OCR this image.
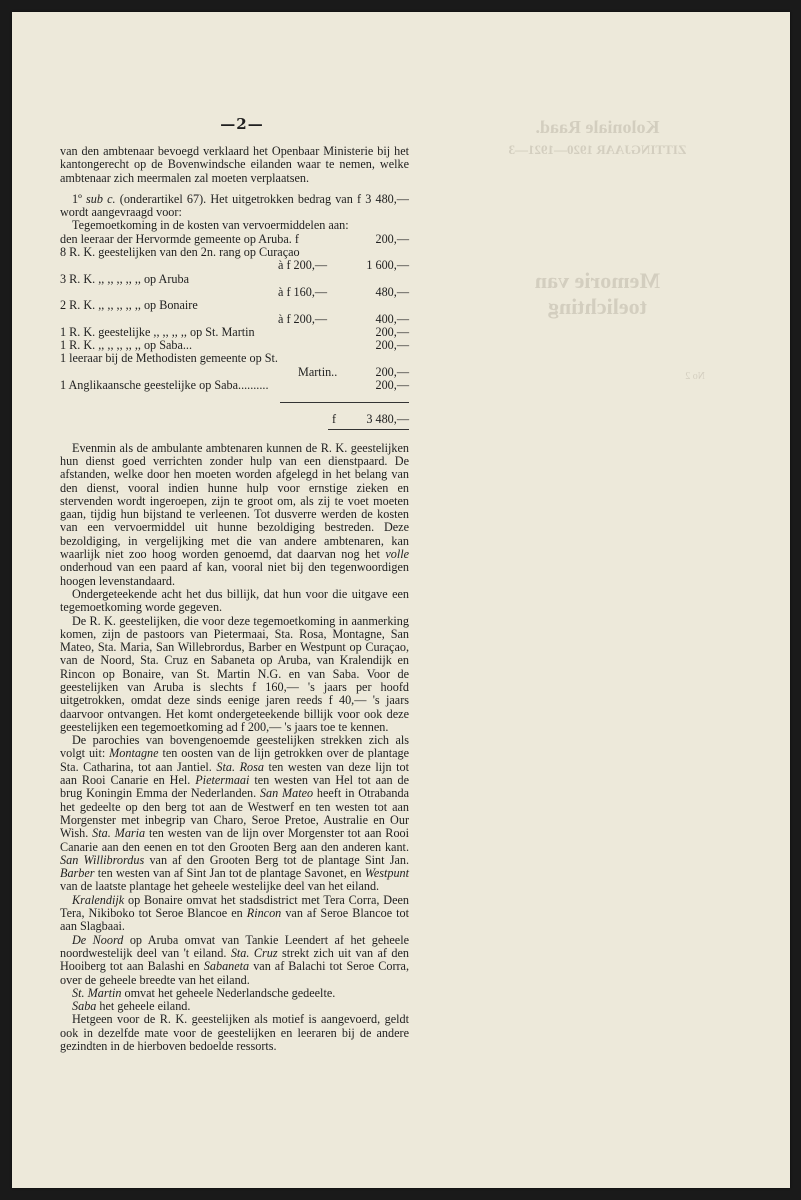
Koloniale Raad.
ZITTINGJAAR 1920—1921—3
Memorie van toelichting
No 2
—2—

van den ambtenaar bevoegd verklaard het Openbaar Ministerie bij het kantongerecht op de Bovenwindsche eilanden waar te nemen, welke ambtenaar zich meermalen zal moeten verplaatsen.

1º sub c. (onderartikel 67). Het uitgetrokken bedrag van f 3 480,— wordt aangevraagd voor:

Tegemoetkoming in de kosten van vervoermiddelen aan:

den leeraar der Hervormde gemeente op Aruba. f	200,—
8 R. K. geestelijken van den 2n. rang op Curaçao
à f 200,—	1 600,—
3 R. K. ,, ,, ,, ,, ,, op Aruba
à f 160,—	480,—
2 R. K. ,, ,, ,, ,, ,, op Bonaire
à f 200,—	400,—
1 R. K. geestelijke ,, ,, ,, ,, op St. Martin	200,—
1 R. K. ,, ,, ,, ,, ,, op Saba...	200,—
1 leeraar bij de Methodisten gemeente op St.
Martin..	200,—
1 Anglikaansche geestelijke op Saba..........	200,—
f	3 480,—

Evenmin als de ambulante ambtenaren kunnen de R. K. geestelijken hun dienst goed verrichten zonder hulp van een dienstpaard. De afstanden, welke door hen moeten worden afgelegd in het belang van den dienst, vooral indien hunne hulp voor ernstige zieken en stervenden wordt ingeroepen, zijn te groot om, als zij te voet moeten gaan, tijdig hun bijstand te verleenen. Tot dusverre werden de kosten van een vervoermiddel uit hunne bezoldiging bestreden. Deze bezoldiging, in vergelijking met die van andere ambtenaren, kan waarlijk niet zoo hoog worden genoemd, dat daarvan nog het volle onderhoud van een paard af kan, vooral niet bij den tegenwoordigen hoogen levenstandaard.

Ondergeteekende acht het dus billijk, dat hun voor die uitgave een tegemoetkoming worde gegeven.

De R. K. geestelijken, die voor deze tegemoetkoming in aanmerking komen, zijn de pastoors van Pietermaai, Sta. Rosa, Montagne, San Mateo, Sta. Maria, San Willebrordus, Barber en Westpunt op Curaçao, van de Noord, Sta. Cruz en Sabaneta op Aruba, van Kralendijk en Rincon op Bonaire, van St. Martin N.G. en van Saba. Voor de geestelijken van Aruba is slechts f 160,— 's jaars per hoofd uitgetrokken, omdat deze sinds eenige jaren reeds f 40,— 's jaars daarvoor ontvangen. Het komt ondergeteekende billijk voor ook deze geestelijken een tegemoetkoming ad f 200,— 's jaars toe te kennen.

De parochies van bovengenoemde geestelijken strekken zich als volgt uit: Montagne ten oosten van de lijn getrokken over de plantage Sta. Catharina, tot aan Jantiel. Sta. Rosa ten westen van deze lijn tot aan Rooi Canarie en Hel. Pietermaai ten westen van Hel tot aan de brug Koningin Emma der Nederlanden. San Mateo heeft in Otrabanda het gedeelte op den berg tot aan de Westwerf en ten westen tot aan Morgenster met inbegrip van Charo, Seroe Pretoe, Australie en Our Wish. Sta. Maria ten westen van de lijn over Morgenster tot aan Rooi Canarie aan den eenen en tot den Grooten Berg aan den anderen kant. San Willibrordus van af den Grooten Berg tot de plantage Sint Jan. Barber ten westen van af Sint Jan tot de plantage Savonet, en Westpunt van de laatste plantage het geheele westelijke deel van het eiland.

Kralendijk op Bonaire omvat het stadsdistrict met Tera Corra, Deen Tera, Nikiboko tot Seroe Blancoe en Rincon van af Seroe Blancoe tot aan Slagbaai.

De Noord op Aruba omvat van Tankie Leendert af het geheele noordwestelijk deel van 't eiland. Sta. Cruz strekt zich uit van af den Hooiberg tot aan Balashi en Sabaneta van af Balachi tot Seroe Corra, over de geheele breedte van het eiland.

St. Martin omvat het geheele Nederlandsche gedeelte.

Saba het geheele eiland.

Hetgeen voor de R. K. geestelijken als motief is aangevoerd, geldt ook in dezelfde mate voor de geestelijken en leeraren bij de andere gezindten in de hierboven bedoelde ressorts.
